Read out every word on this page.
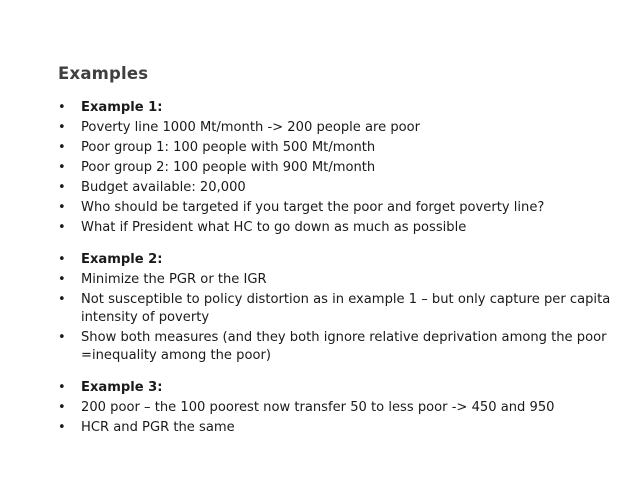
Examples
• Example 1:
• Poverty line 1000 Mt/month -> 200 people are poor
• Poor group 1: 100 people with 500 Mt/month
• Poor group 2: 100 people with 900 Mt/month
• Budget available: 20,000
• Who should be targeted if you target the poor and forget poverty line?
• What if President what HC to go down as much as possible
• Example 2:
• Minimize the PGR or the IGR
• Not susceptible to policy distortion as in example 1 – but only capture per capita intensity of poverty
• Show both measures (and they both ignore relative deprivation among the poor =inequality among the poor)
• Example 3:
• 200 poor – the 100 poorest now transfer 50 to less poor -> 450 and 950
• HCR and PGR the same
